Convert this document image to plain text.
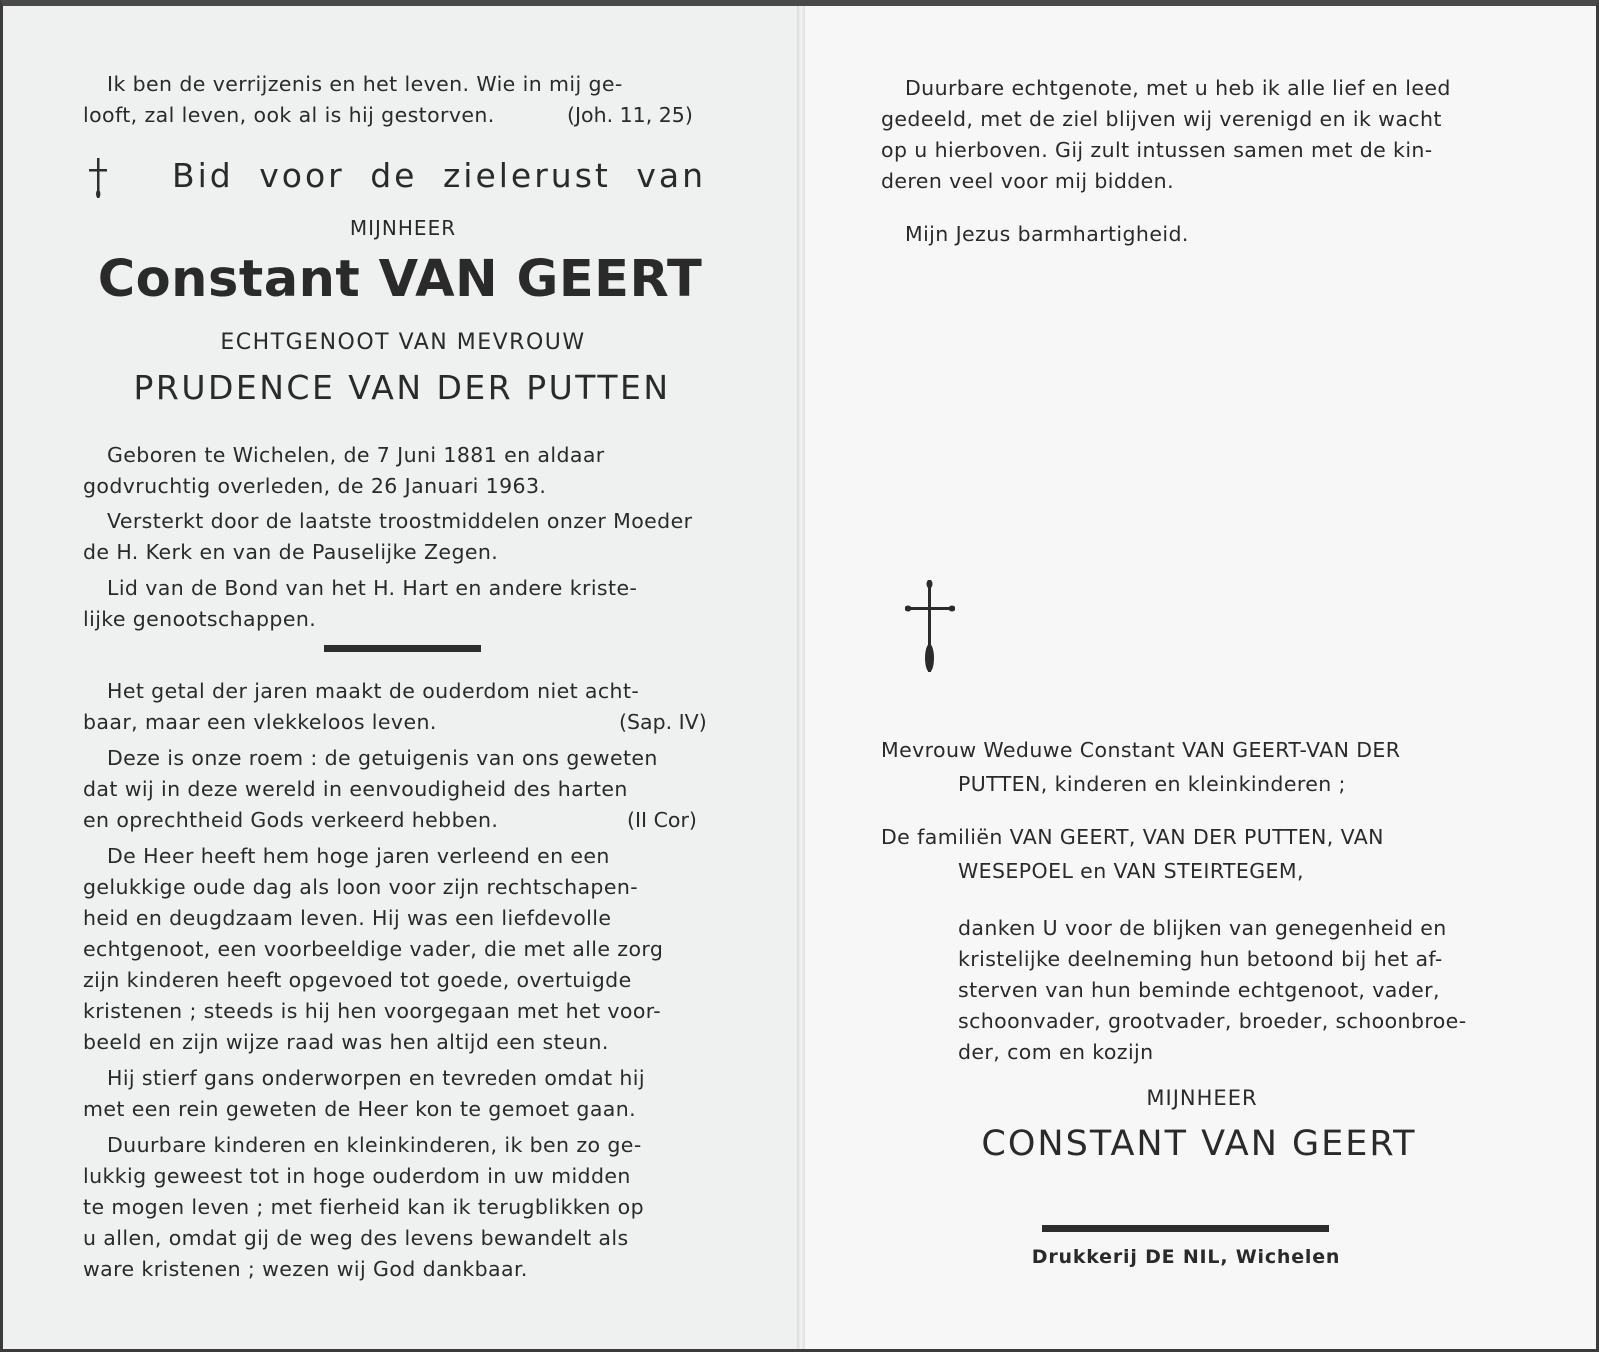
Ik ben de verrijzenis en het leven. Wie in mij ge-
looft, zal leven, ook al is hij gestorven.	(Joh. 11, 25)
Bid voor de zielerust van
MIJNHEER
Constant VAN GEERT
ECHTGENOOT VAN MEVROUW
PRUDENCE VAN DER PUTTEN
Geboren te Wichelen, de 7 Juni 1881 en aldaar
godvruchtig overleden, de 26 Januari 1963.
Versterkt door de laatste troostmiddelen onzer Moeder
de H. Kerk en van de Pauselijke Zegen.
Lid van de Bond van het H. Hart en andere kriste-
lijke genootschappen.
Het getal der jaren maakt de ouderdom niet acht-
baar, maar een vlekkeloos leven.	(Sap. IV)
Deze is onze roem : de getuigenis van ons geweten
dat wij in deze wereld in eenvoudigheid des harten
en oprechtheid Gods verkeerd hebben.	(II Cor)
De Heer heeft hem hoge jaren verleend en een
gelukkige oude dag als loon voor zijn rechtschapen-
heid en deugdzaam leven. Hij was een liefdevolle
echtgenoot, een voorbeeldige vader, die met alle zorg
zijn kinderen heeft opgevoed tot goede, overtuigde
kristenen ; steeds is hij hen voorgegaan met het voor-
beeld en zijn wijze raad was hen altijd een steun.
Hij stierf gans onderworpen en tevreden omdat hij
met een rein geweten de Heer kon te gemoet gaan.
Duurbare kinderen en kleinkinderen, ik ben zo ge-
lukkig geweest tot in hoge ouderdom in uw midden
te mogen leven ; met fierheid kan ik terugblikken op
u allen, omdat gij de weg des levens bewandelt als
ware kristenen ; wezen wij God dankbaar.
Duurbare echtgenote, met u heb ik alle lief en leed
gedeeld, met de ziel blijven wij verenigd en ik wacht
op u hierboven. Gij zult intussen samen met de kin-
deren veel voor mij bidden.
Mijn Jezus barmhartigheid.
Mevrouw Weduwe Constant VAN GEERT-VAN DER
PUTTEN, kinderen en kleinkinderen ;
De familiën VAN GEERT, VAN DER PUTTEN, VAN
WESEPOEL en VAN STEIRTEGEM,
danken U voor de blijken van genegenheid en
kristelijke deelneming hun betoond bij het af-
sterven van hun beminde echtgenoot, vader,
schoonvader, grootvader, broeder, schoonbroe-
der, com en kozijn
MIJNHEER
CONSTANT VAN GEERT
Drukkerij DE NIL, Wichelen
